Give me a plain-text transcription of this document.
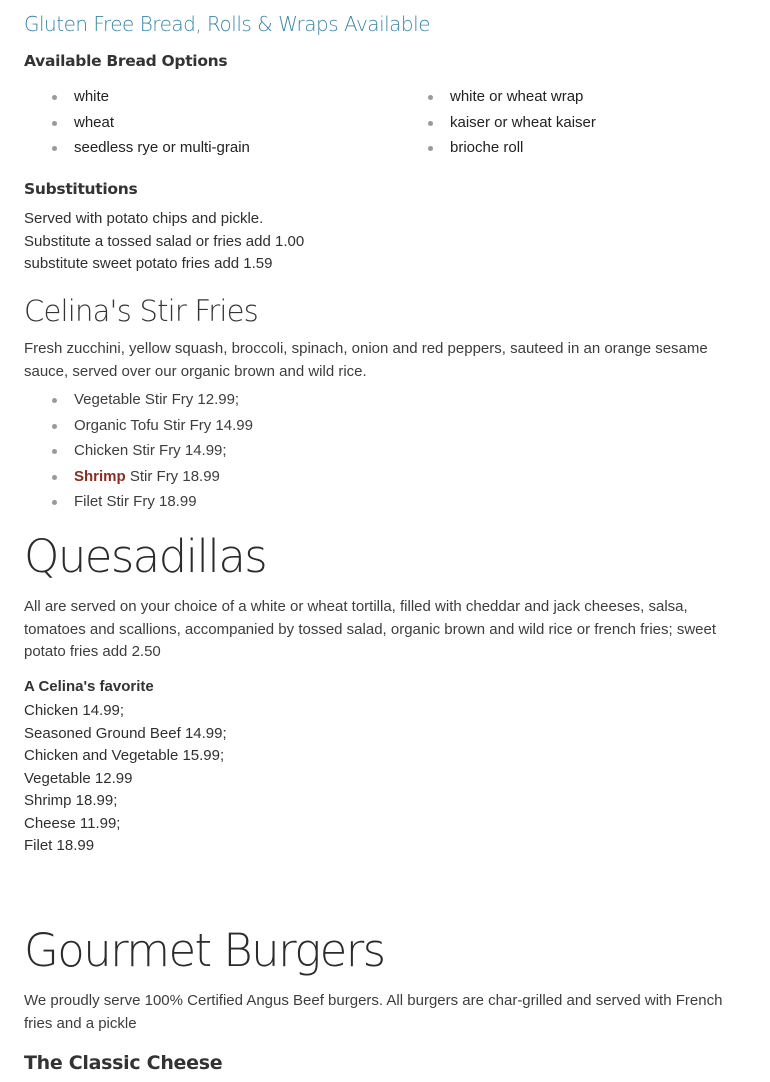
Gluten Free Bread, Rolls & Wraps Available
Available Bread Options
white
wheat
seedless rye or multi-grain
white or wheat wrap
kaiser or wheat kaiser
brioche roll
Substitutions
Served with potato chips and pickle.
Substitute a tossed salad or fries add 1.00
substitute sweet potato fries add 1.59
Celina's Stir Fries
Fresh zucchini, yellow squash, broccoli, spinach, onion and red peppers, sauteed in an orange sesame sauce, served over our organic brown and wild rice.
Vegetable Stir Fry 12.99;
Organic Tofu Stir Fry 14.99
Chicken Stir Fry 14.99;
Shrimp Stir Fry 18.99
Filet Stir Fry 18.99
Quesadillas
All are served on your choice of a white or wheat tortilla, filled with cheddar and jack cheeses, salsa, tomatoes and scallions, accompanied by tossed salad, organic brown and wild rice or french fries; sweet potato fries add 2.50
A Celina's favorite
Chicken 14.99;
Seasoned Ground Beef 14.99;
Chicken and Vegetable 15.99;
Vegetable 12.99
Shrimp 18.99;
Cheese 11.99;
Filet 18.99
Gourmet Burgers
We proudly serve 100% Certified Angus Beef burgers. All burgers are char-grilled and served with French fries and a pickle
The Classic Cheese
